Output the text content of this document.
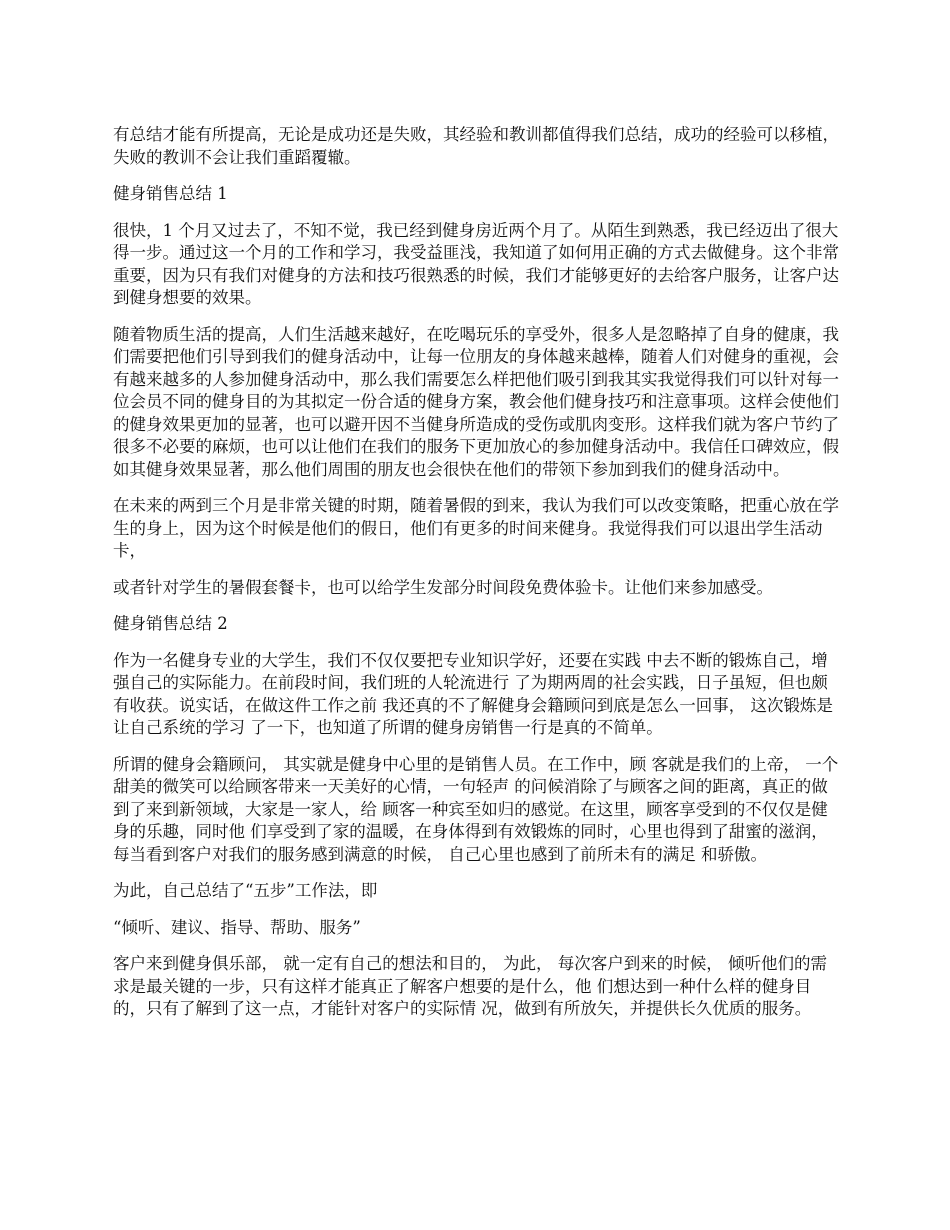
有总结才能有所提高，无论是成功还是失败，其经验和教训都值得我们总结，成功的经验可以移植，失败的教训不会让我们重蹈覆辙。

健身销售总结 1

很快，1 个月又过去了，不知不觉，我已经到健身房近两个月了。从陌生到熟悉，我已经迈出了很大得一步。通过这一个月的工作和学习，我受益匪浅，我知道了如何用正确的方式去做健身。这个非常重要，因为只有我们对健身的方法和技巧很熟悉的时候，我们才能够更好的去给客户服务，让客户达到健身想要的效果。

随着物质生活的提高，人们生活越来越好，在吃喝玩乐的享受外，很多人是忽略掉了自身的健康，我们需要把他们引导到我们的健身活动中，让每一位朋友的身体越来越棒，随着人们对健身的重视，会有越来越多的人参加健身活动中，那么我们需要怎么样把他们吸引到我其实我觉得我们可以针对每一位会员不同的健身目的为其拟定一份合适的健身方案，教会他们健身技巧和注意事项。这样会使他们的健身效果更加的显著，也可以避开因不当健身所造成的受伤或肌肉变形。这样我们就为客户节约了很多不必要的麻烦，也可以让他们在我们的服务下更加放心的参加健身活动中。我信任口碑效应，假如其健身效果显著，那么他们周围的朋友也会很快在他们的带领下参加到我们的健身活动中。

在未来的两到三个月是非常关键的时期，随着暑假的到来，我认为我们可以改变策略，把重心放在学生的身上，因为这个时候是他们的假日，他们有更多的时间来健身。我觉得我们可以退出学生活动卡，

或者针对学生的暑假套餐卡，也可以给学生发部分时间段免费体验卡。让他们来参加感受。

健身销售总结 2

作为一名健身专业的大学生，我们不仅仅要把专业知识学好，还要在实践 中去不断的锻炼自己，增强自己的实际能力。在前段时间，我们班的人轮流进行 了为期两周的社会实践，日子虽短，但也颇有收获。说实话，在做这件工作之前 我还真的不了解健身会籍顾问到底是怎么一回事， 这次锻炼是让自己系统的学习 了一下，也知道了所谓的健身房销售一行是真的不简单。

所谓的健身会籍顾问， 其实就是健身中心里的是销售人员。在工作中，顾 客就是我们的上帝， 一个甜美的微笑可以给顾客带来一天美好的心情，一句轻声 的问候消除了与顾客之间的距离，真正的做到了来到新领域，大家是一家人，给 顾客一种宾至如归的感觉。在这里，顾客享受到的不仅仅是健身的乐趣，同时他 们享受到了家的温暖，在身体得到有效锻炼的同时，心里也得到了甜蜜的滋润， 每当看到客户对我们的服务感到满意的时候， 自己心里也感到了前所未有的满足 和骄傲。

为此，自己总结了“五步”工作法，即

“倾听、建议、指导、帮助、服务”

客户来到健身俱乐部， 就一定有自己的想法和目的， 为此， 每次客户到来的时候， 倾听他们的需求是最关键的一步，只有这样才能真正了解客户想要的是什么，他 们想达到一种什么样的健身目的，只有了解到了这一点，才能针对客户的实际情 况，做到有所放矢，并提供长久优质的服务。
